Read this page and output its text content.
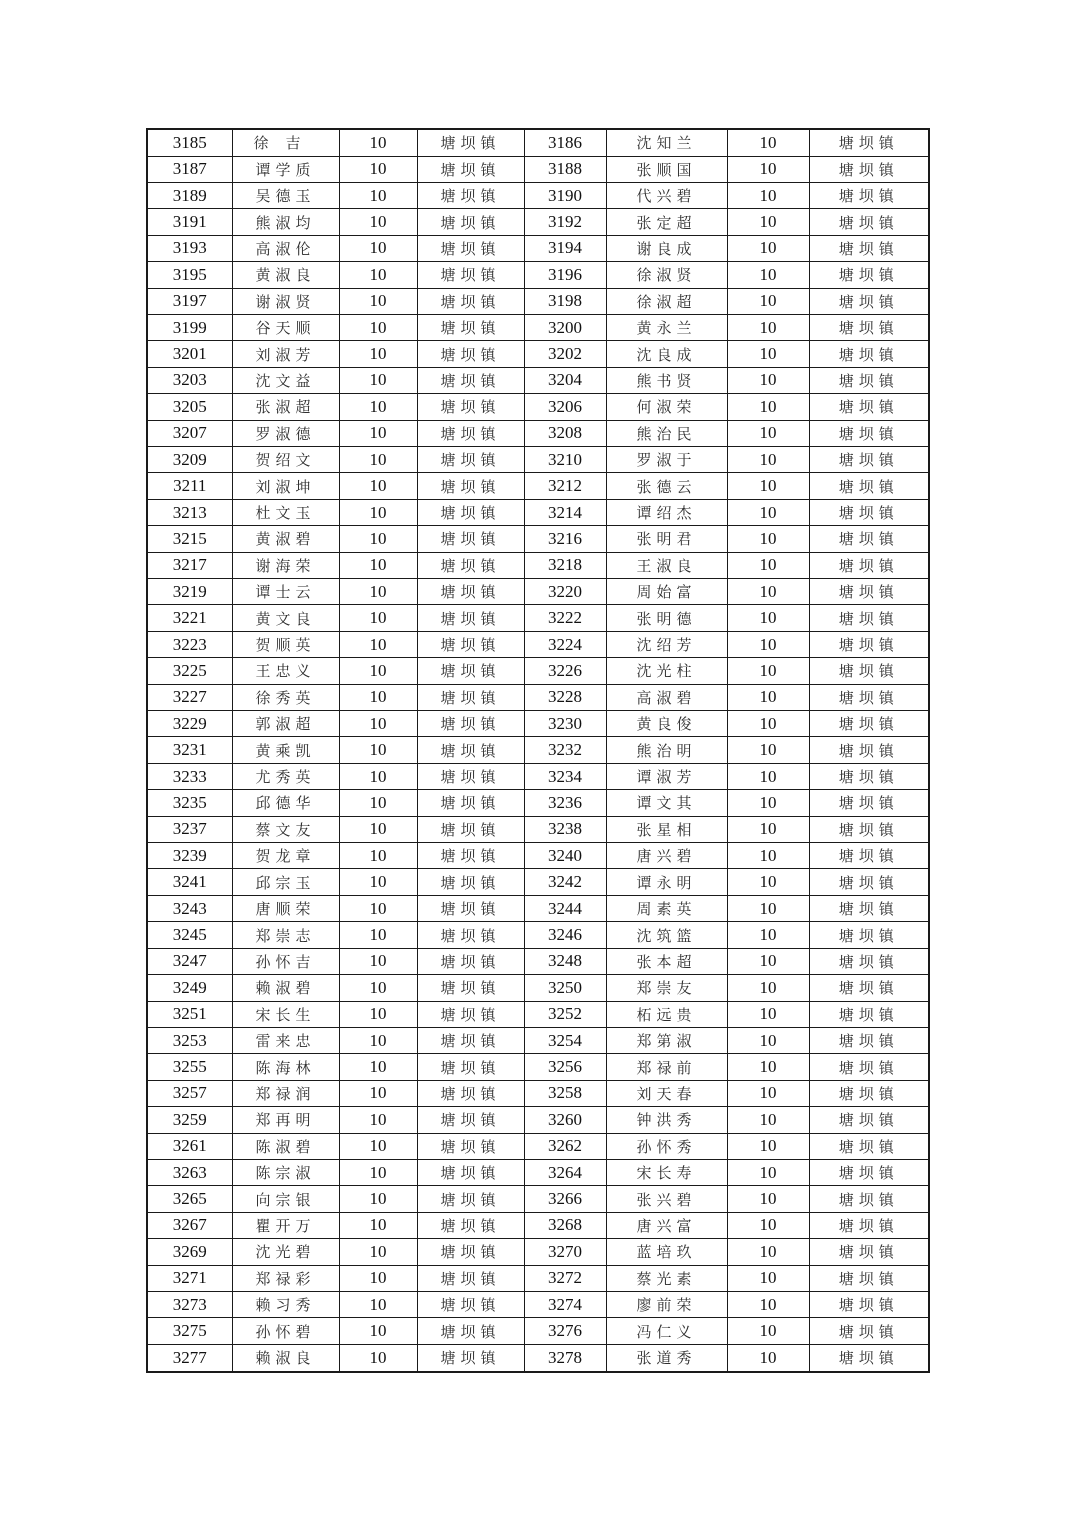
3185	徐吉	10	塘坝镇	3186	沈知兰	10	塘坝镇
3187	谭学质	10	塘坝镇	3188	张顺国	10	塘坝镇
3189	吴德玉	10	塘坝镇	3190	代兴碧	10	塘坝镇
3191	熊淑均	10	塘坝镇	3192	张定超	10	塘坝镇
3193	高淑伦	10	塘坝镇	3194	谢良成	10	塘坝镇
3195	黄淑良	10	塘坝镇	3196	徐淑贤	10	塘坝镇
3197	谢淑贤	10	塘坝镇	3198	徐淑超	10	塘坝镇
3199	谷天顺	10	塘坝镇	3200	黄永兰	10	塘坝镇
3201	刘淑芳	10	塘坝镇	3202	沈良成	10	塘坝镇
3203	沈文益	10	塘坝镇	3204	熊书贤	10	塘坝镇
3205	张淑超	10	塘坝镇	3206	何淑荣	10	塘坝镇
3207	罗淑德	10	塘坝镇	3208	熊治民	10	塘坝镇
3209	贺绍文	10	塘坝镇	3210	罗淑于	10	塘坝镇
3211	刘淑坤	10	塘坝镇	3212	张德云	10	塘坝镇
3213	杜文玉	10	塘坝镇	3214	谭绍杰	10	塘坝镇
3215	黄淑碧	10	塘坝镇	3216	张明君	10	塘坝镇
3217	谢海荣	10	塘坝镇	3218	王淑良	10	塘坝镇
3219	谭士云	10	塘坝镇	3220	周始富	10	塘坝镇
3221	黄文良	10	塘坝镇	3222	张明德	10	塘坝镇
3223	贺顺英	10	塘坝镇	3224	沈绍芳	10	塘坝镇
3225	王忠义	10	塘坝镇	3226	沈光柱	10	塘坝镇
3227	徐秀英	10	塘坝镇	3228	高淑碧	10	塘坝镇
3229	郭淑超	10	塘坝镇	3230	黄良俊	10	塘坝镇
3231	黄乘凯	10	塘坝镇	3232	熊治明	10	塘坝镇
3233	尤秀英	10	塘坝镇	3234	谭淑芳	10	塘坝镇
3235	邱德华	10	塘坝镇	3236	谭文其	10	塘坝镇
3237	蔡文友	10	塘坝镇	3238	张星相	10	塘坝镇
3239	贺龙章	10	塘坝镇	3240	唐兴碧	10	塘坝镇
3241	邱宗玉	10	塘坝镇	3242	谭永明	10	塘坝镇
3243	唐顺荣	10	塘坝镇	3244	周素英	10	塘坝镇
3245	郑崇志	10	塘坝镇	3246	沈筑篮	10	塘坝镇
3247	孙怀吉	10	塘坝镇	3248	张本超	10	塘坝镇
3249	赖淑碧	10	塘坝镇	3250	郑崇友	10	塘坝镇
3251	宋长生	10	塘坝镇	3252	柘远贵	10	塘坝镇
3253	雷来忠	10	塘坝镇	3254	郑第淑	10	塘坝镇
3255	陈海林	10	塘坝镇	3256	郑禄前	10	塘坝镇
3257	郑禄润	10	塘坝镇	3258	刘天春	10	塘坝镇
3259	郑再明	10	塘坝镇	3260	钟洪秀	10	塘坝镇
3261	陈淑碧	10	塘坝镇	3262	孙怀秀	10	塘坝镇
3263	陈宗淑	10	塘坝镇	3264	宋长寿	10	塘坝镇
3265	向宗银	10	塘坝镇	3266	张兴碧	10	塘坝镇
3267	瞿开万	10	塘坝镇	3268	唐兴富	10	塘坝镇
3269	沈光碧	10	塘坝镇	3270	蓝培玖	10	塘坝镇
3271	郑禄彩	10	塘坝镇	3272	蔡光素	10	塘坝镇
3273	赖习秀	10	塘坝镇	3274	廖前荣	10	塘坝镇
3275	孙怀碧	10	塘坝镇	3276	冯仁义	10	塘坝镇
3277	赖淑良	10	塘坝镇	3278	张道秀	10	塘坝镇
